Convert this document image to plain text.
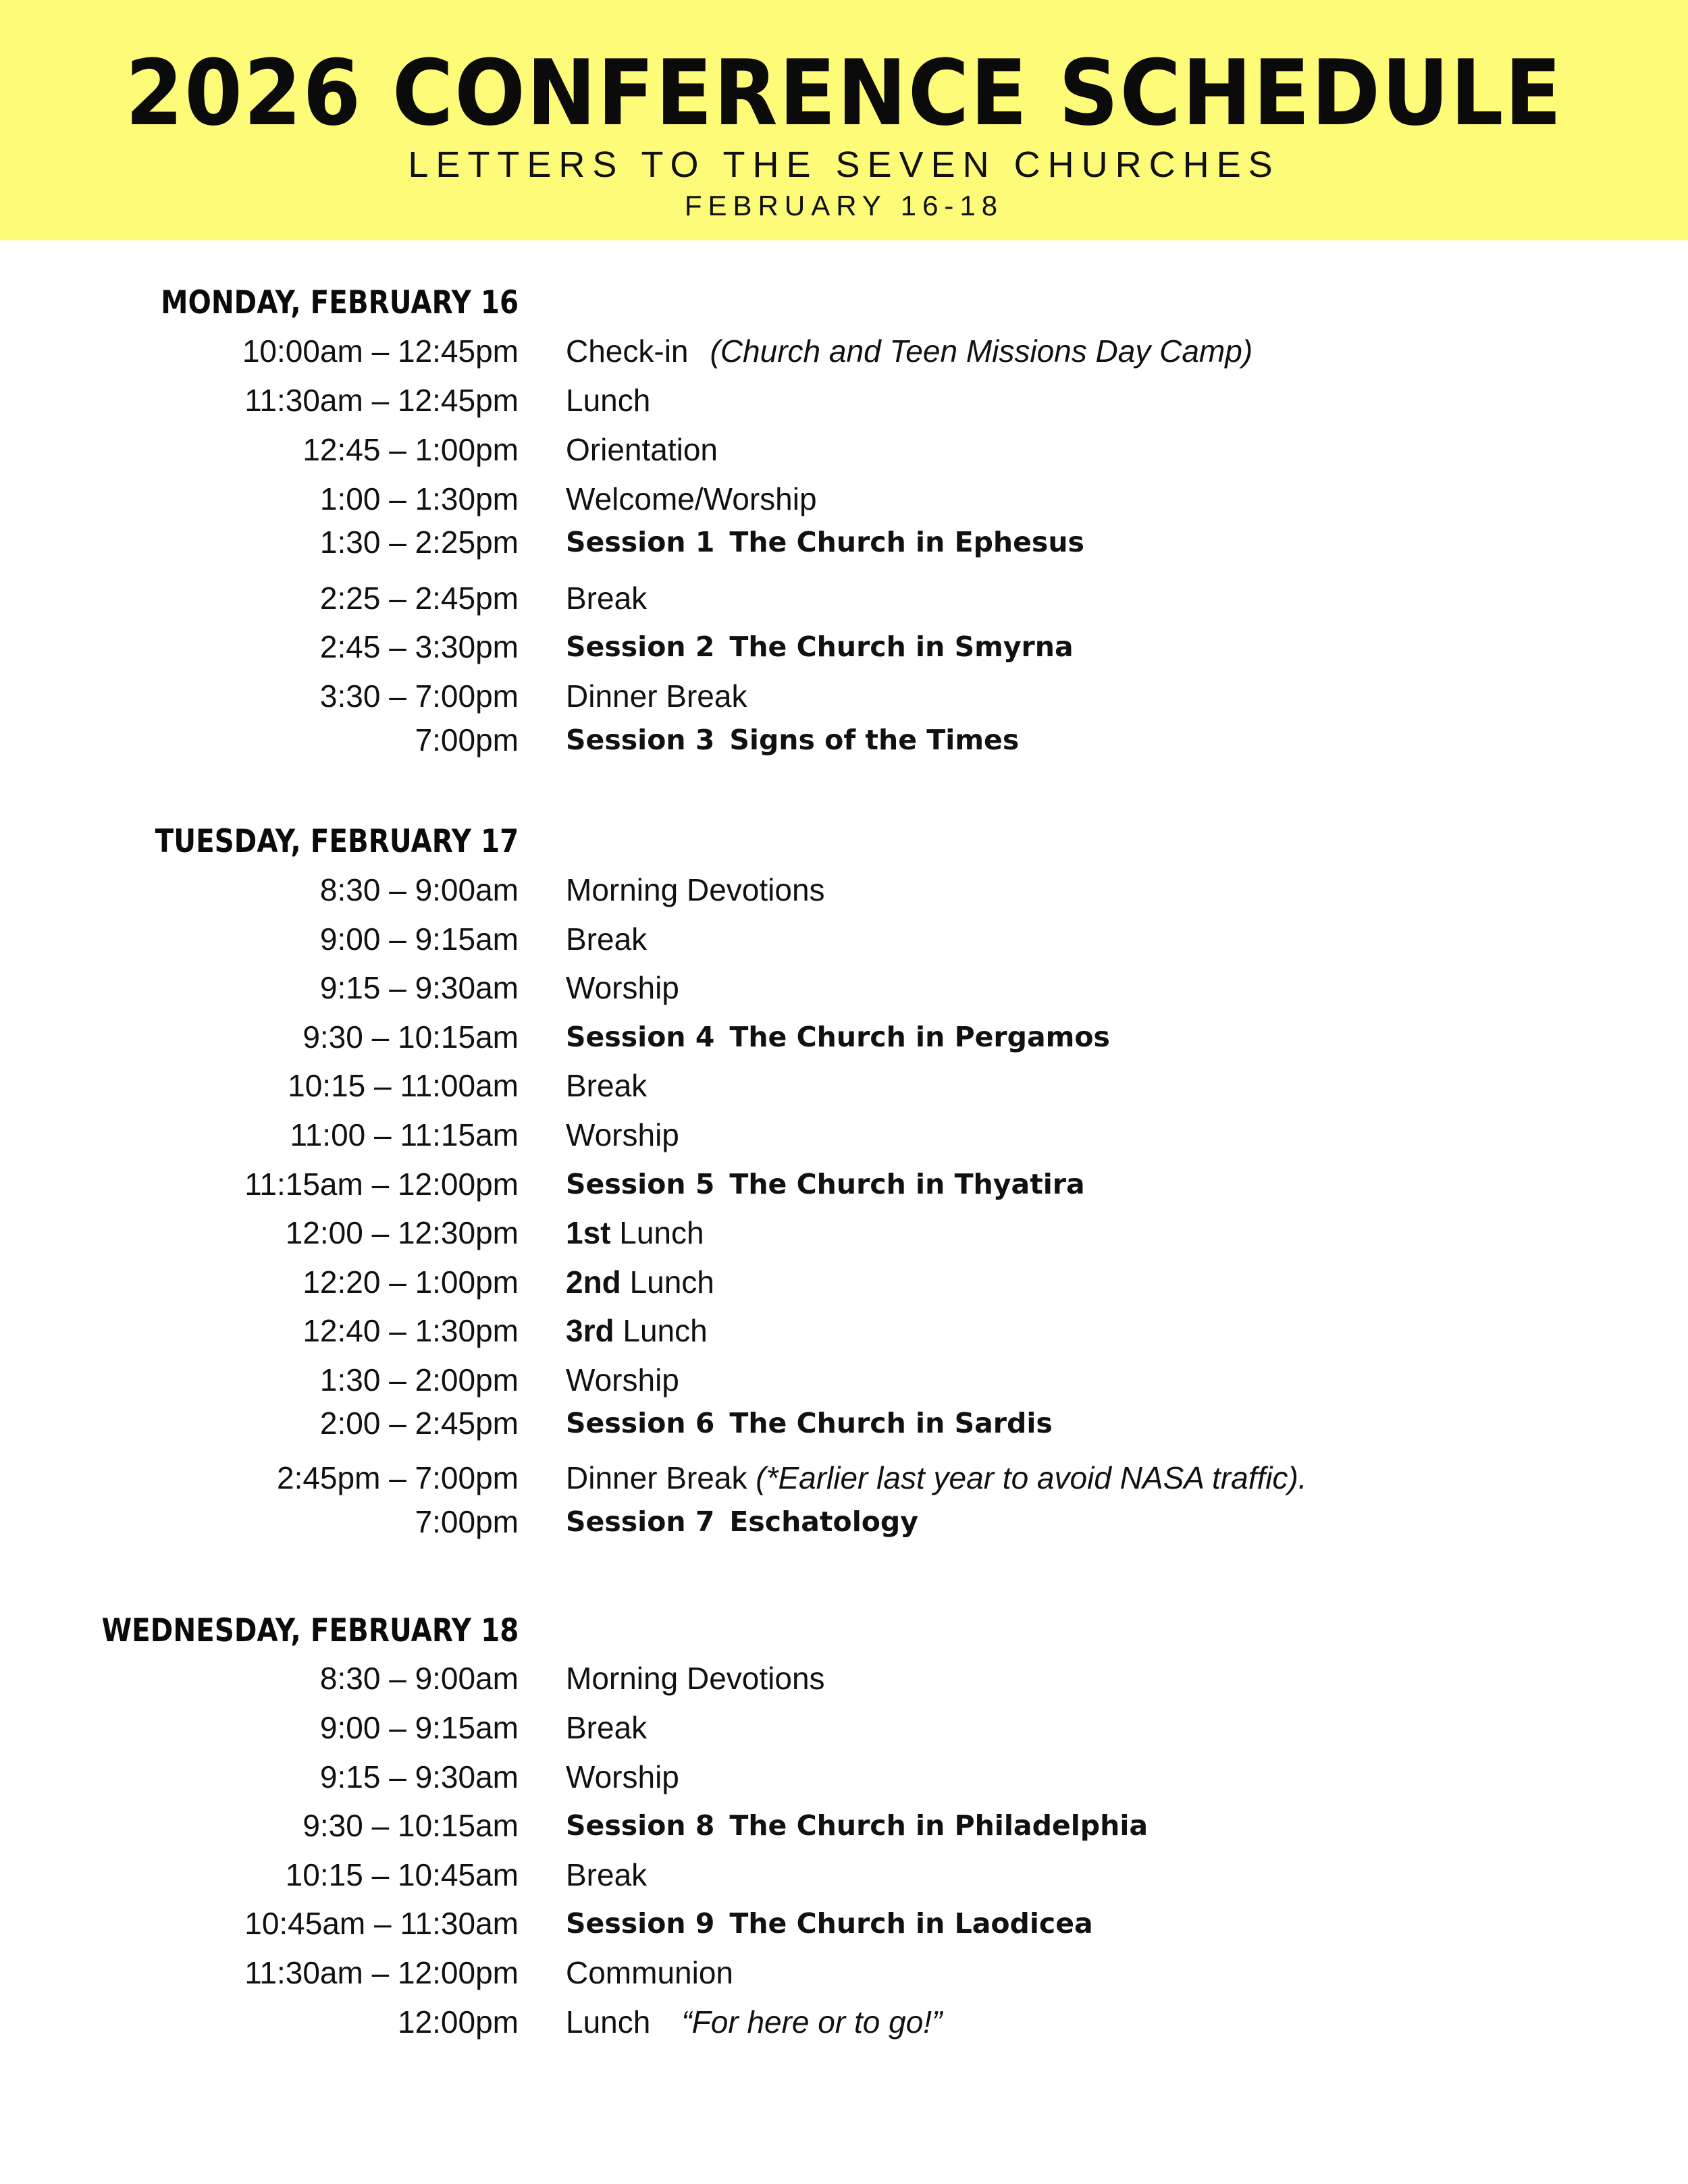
2026 CONFERENCE SCHEDULE
LETTERS TO THE SEVEN CHURCHES
FEBRUARY 16-18
MONDAY, FEBRUARY 16
10:00am – 12:45pm Check-in (Church and Teen Missions Day Camp)
11:30am – 12:45pm Lunch
12:45 – 1:00pm Orientation
1:00 – 1:30pm Welcome/Worship
1:30 – 2:25pm Session 1 The Church in Ephesus
2:25 – 2:45pm Break
2:45 – 3:30pm Session 2 The Church in Smyrna
3:30 – 7:00pm Dinner Break
7:00pm Session 3 Signs of the Times
TUESDAY, FEBRUARY 17
8:30 – 9:00am Morning Devotions
9:00 – 9:15am Break
9:15 – 9:30am Worship
9:30 – 10:15am Session 4 The Church in Pergamos
10:15 – 11:00am Break
11:00 – 11:15am Worship
11:15am – 12:00pm Session 5 The Church in Thyatira
12:00 – 12:30pm 1st Lunch
12:20 – 1:00pm 2nd Lunch
12:40 – 1:30pm 3rd Lunch
1:30 – 2:00pm Worship
2:00 – 2:45pm Session 6 The Church in Sardis
2:45pm – 7:00pm Dinner Break (*Earlier last year to avoid NASA traffic).
7:00pm Session 7 Eschatology
WEDNESDAY, FEBRUARY 18
8:30 – 9:00am Morning Devotions
9:00 – 9:15am Break
9:15 – 9:30am Worship
9:30 – 10:15am Session 8 The Church in Philadelphia
10:15 – 10:45am Break
10:45am – 11:30am Session 9 The Church in Laodicea
11:30am – 12:00pm Communion
12:00pm Lunch “For here or to go!”
